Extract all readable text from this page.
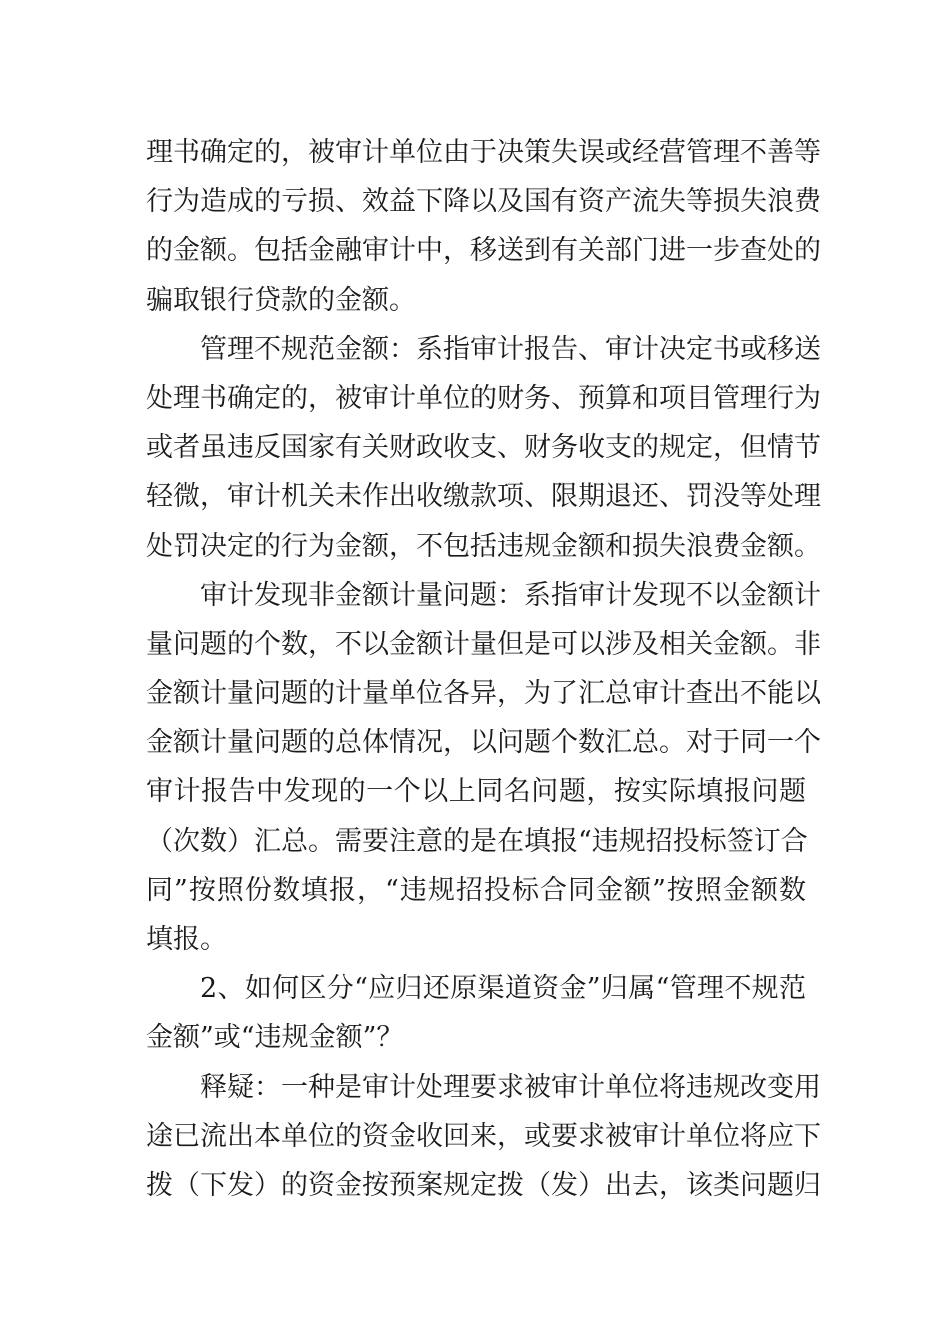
理书确定的，被审计单位由于决策失误或经营管理不善等
行为造成的亏损、效益下降以及国有资产流失等损失浪费
的金额。包括金融审计中，移送到有关部门进一步查处的
骗取银行贷款的金额。
管理不规范金额：系指审计报告、审计决定书或移送
处理书确定的，被审计单位的财务、预算和项目管理行为
或者虽违反国家有关财政收支、财务收支的规定，但情节
轻微，审计机关未作出收缴款项、限期退还、罚没等处理
处罚决定的行为金额，不包括违规金额和损失浪费金额。
审计发现非金额计量问题：系指审计发现不以金额计
量问题的个数，不以金额计量但是可以涉及相关金额。非
金额计量问题的计量单位各异，为了汇总审计查出不能以
金额计量问题的总体情况，以问题个数汇总。对于同一个
审计报告中发现的一个以上同名问题，按实际填报问题
（次数）汇总。需要注意的是在填报“违规招投标签订合
同”按照份数填报，“违规招投标合同金额”按照金额数
填报。
2、如何区分“应归还原渠道资金”归属“管理不规范
金额”或“违规金额”？
释疑：一种是审计处理要求被审计单位将违规改变用
途已流出本单位的资金收回来，或要求被审计单位将应下
拨（下发）的资金按预案规定拨（发）出去，该类问题归
